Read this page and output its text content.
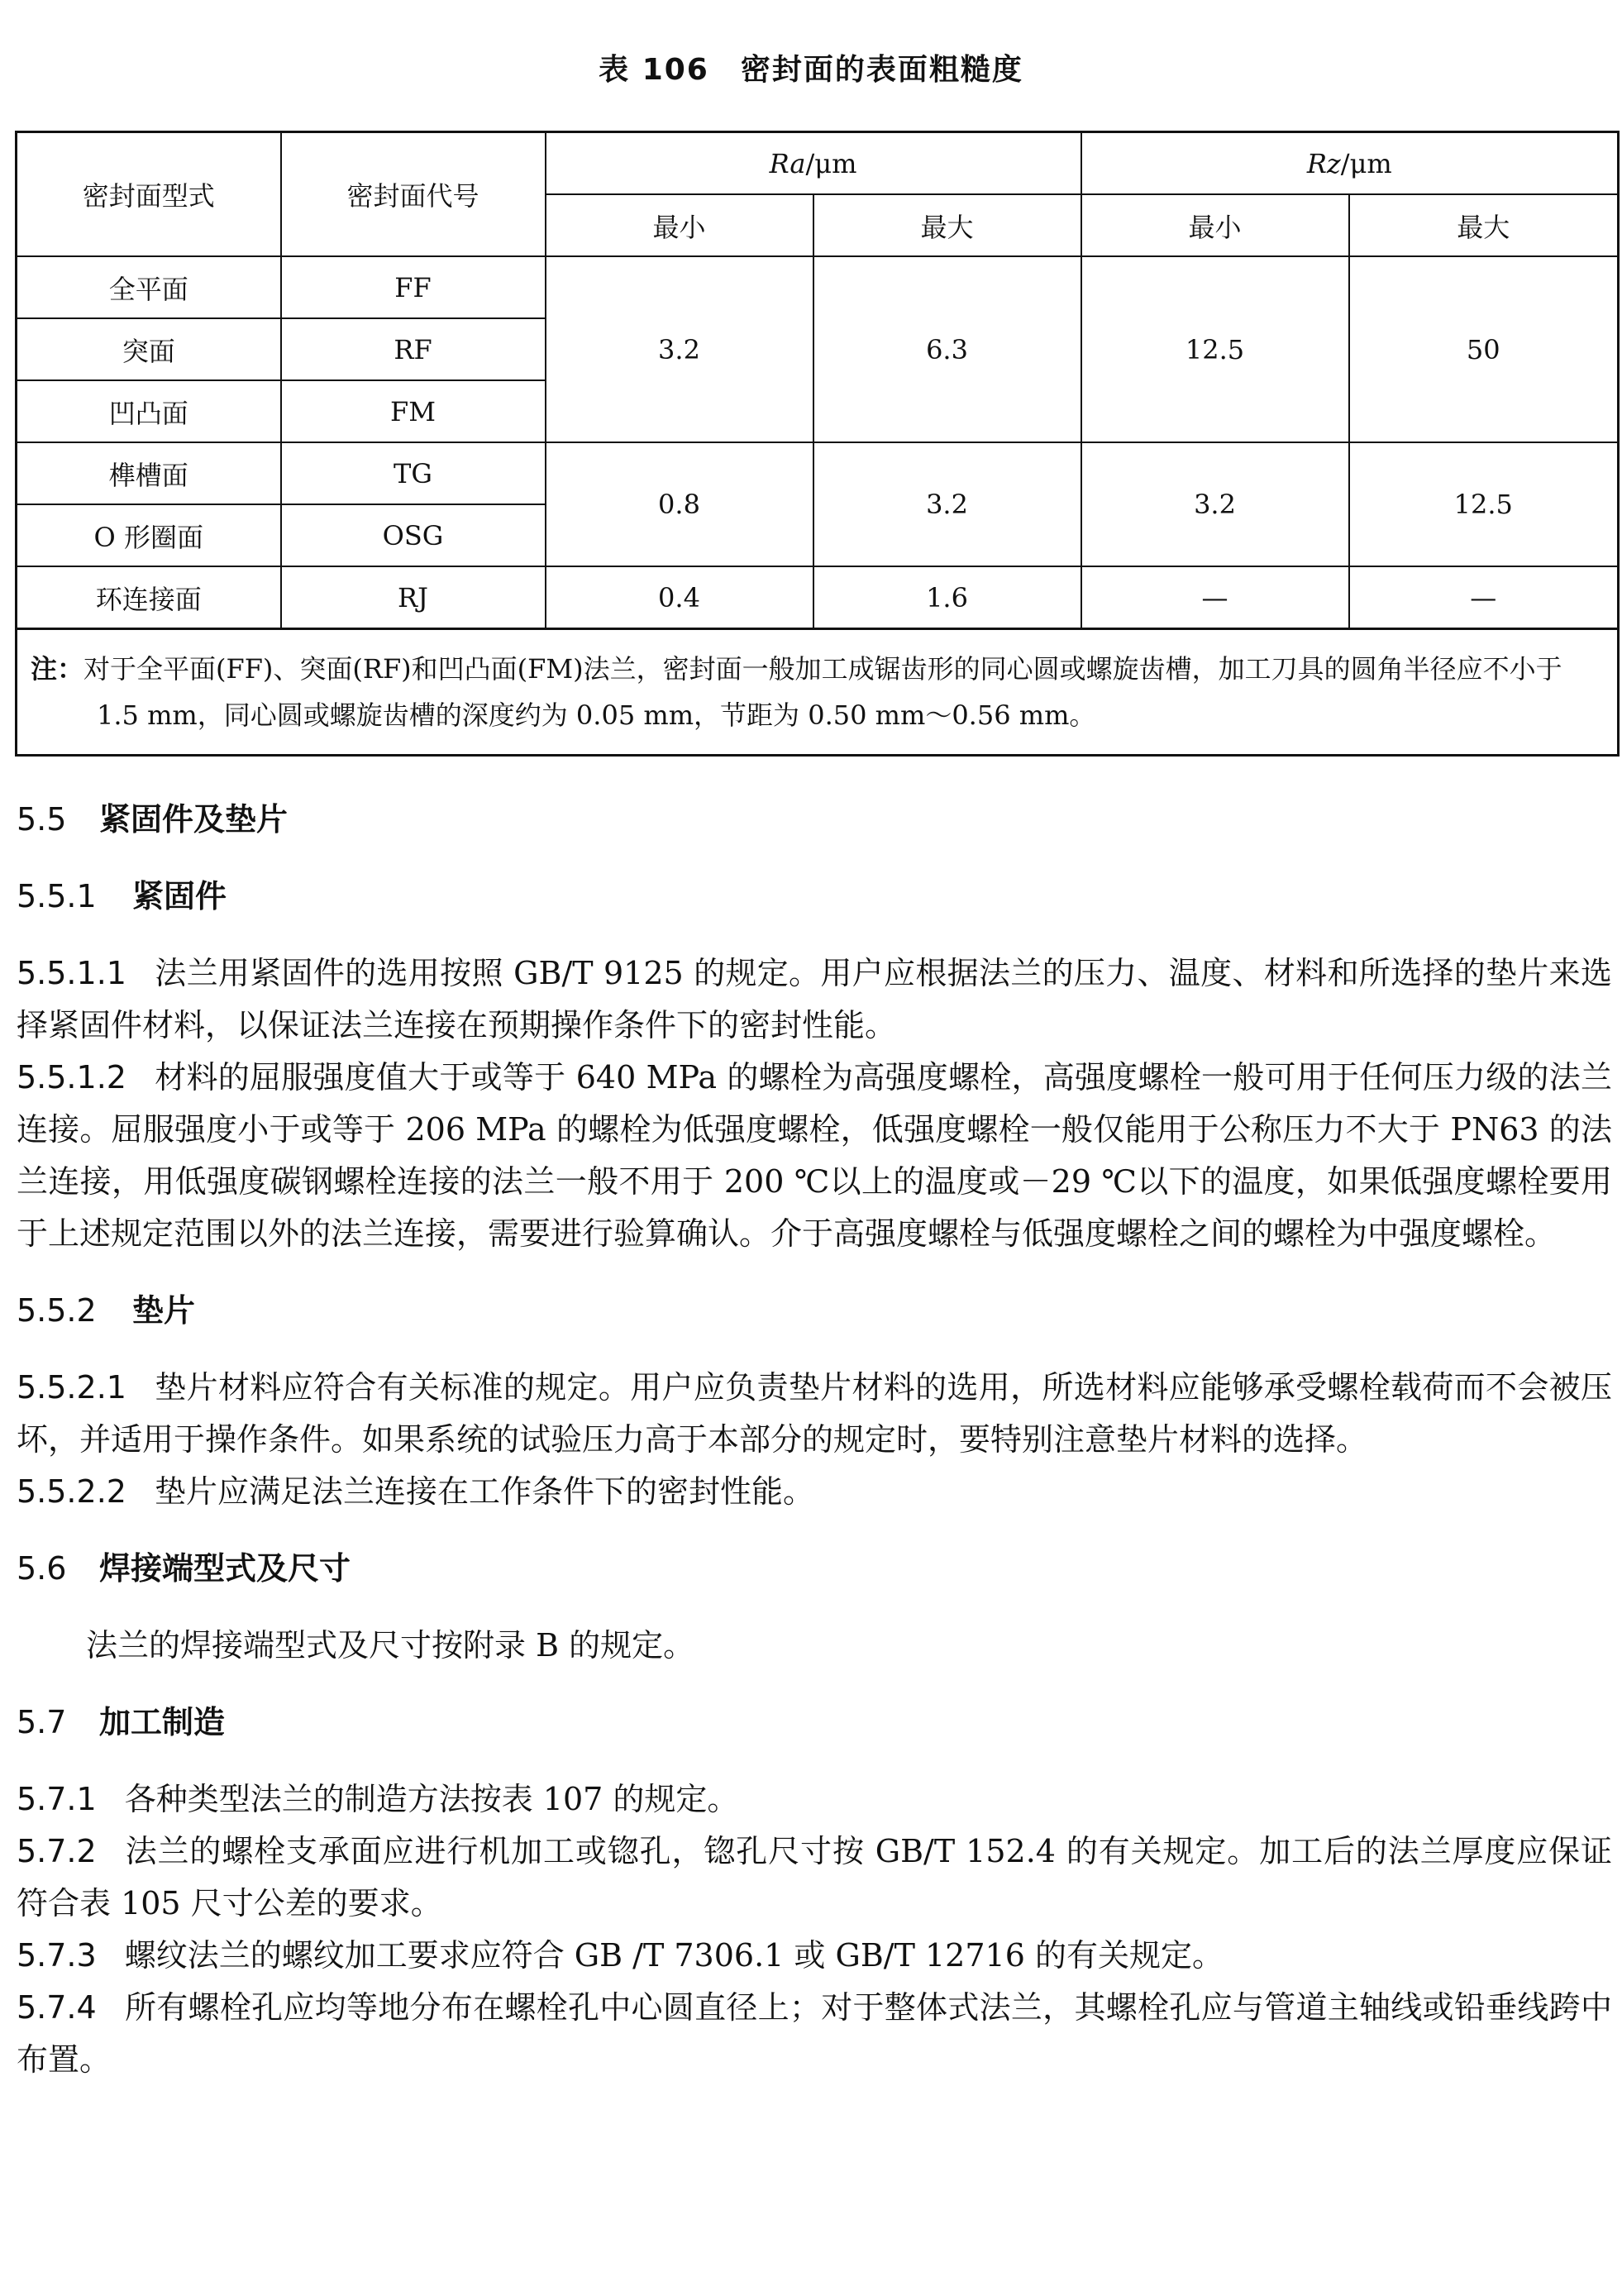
表 106　密封面的表面粗糙度
密封面型式	密封面代号	Ra/μm		Rz/μm	
		最小	最大	最小	最大
全平面	FF	3.2	6.3	12.5	50
突面	RF				
凹凸面	FM				
榫槽面	TG	0.8	3.2	3.2	12.5
O 形圈面	OSG				
环连接面	RJ	0.4	1.6	—	—
注：对于全平面(FF)、突面(RF)和凹凸面(FM)法兰，密封面一般加工成锯齿形的同心圆或螺旋齿槽，加工刀具的圆角半径应不小于 1.5 mm，同心圆或螺旋齿槽的深度约为 0.05 mm，节距为 0.50 mm～0.56 mm。					

5.5 紧固件及垫片

5.5.1 紧固件

5.5.1.1 法兰用紧固件的选用按照 GB/T 9125 的规定。用户应根据法兰的压力、温度、材料和所选择的垫片来选择紧固件材料，以保证法兰连接在预期操作条件下的密封性能。

5.5.1.2 材料的屈服强度值大于或等于 640 MPa 的螺栓为高强度螺栓，高强度螺栓一般可用于任何压力级的法兰连接。屈服强度小于或等于 206 MPa 的螺栓为低强度螺栓，低强度螺栓一般仅能用于公称压力不大于 PN63 的法兰连接，用低强度碳钢螺栓连接的法兰一般不用于 200 ℃以上的温度或－29 ℃以下的温度，如果低强度螺栓要用于上述规定范围以外的法兰连接，需要进行验算确认。介于高强度螺栓与低强度螺栓之间的螺栓为中强度螺栓。

5.5.2 垫片

5.5.2.1 垫片材料应符合有关标准的规定。用户应负责垫片材料的选用，所选材料应能够承受螺栓载荷而不会被压坏，并适用于操作条件。如果系统的试验压力高于本部分的规定时，要特别注意垫片材料的选择。

5.5.2.2 垫片应满足法兰连接在工作条件下的密封性能。

5.6 焊接端型式及尺寸

法兰的焊接端型式及尺寸按附录 B 的规定。

5.7 加工制造

5.7.1 各种类型法兰的制造方法按表 107 的规定。

5.7.2 法兰的螺栓支承面应进行机加工或锪孔，锪孔尺寸按 GB/T 152.4 的有关规定。加工后的法兰厚度应保证符合表 105 尺寸公差的要求。

5.7.3 螺纹法兰的螺纹加工要求应符合 GB /T 7306.1 或 GB/T 12716 的有关规定。

5.7.4 所有螺栓孔应均等地分布在螺栓孔中心圆直径上；对于整体式法兰，其螺栓孔应与管道主轴线或铅垂线跨中布置。
